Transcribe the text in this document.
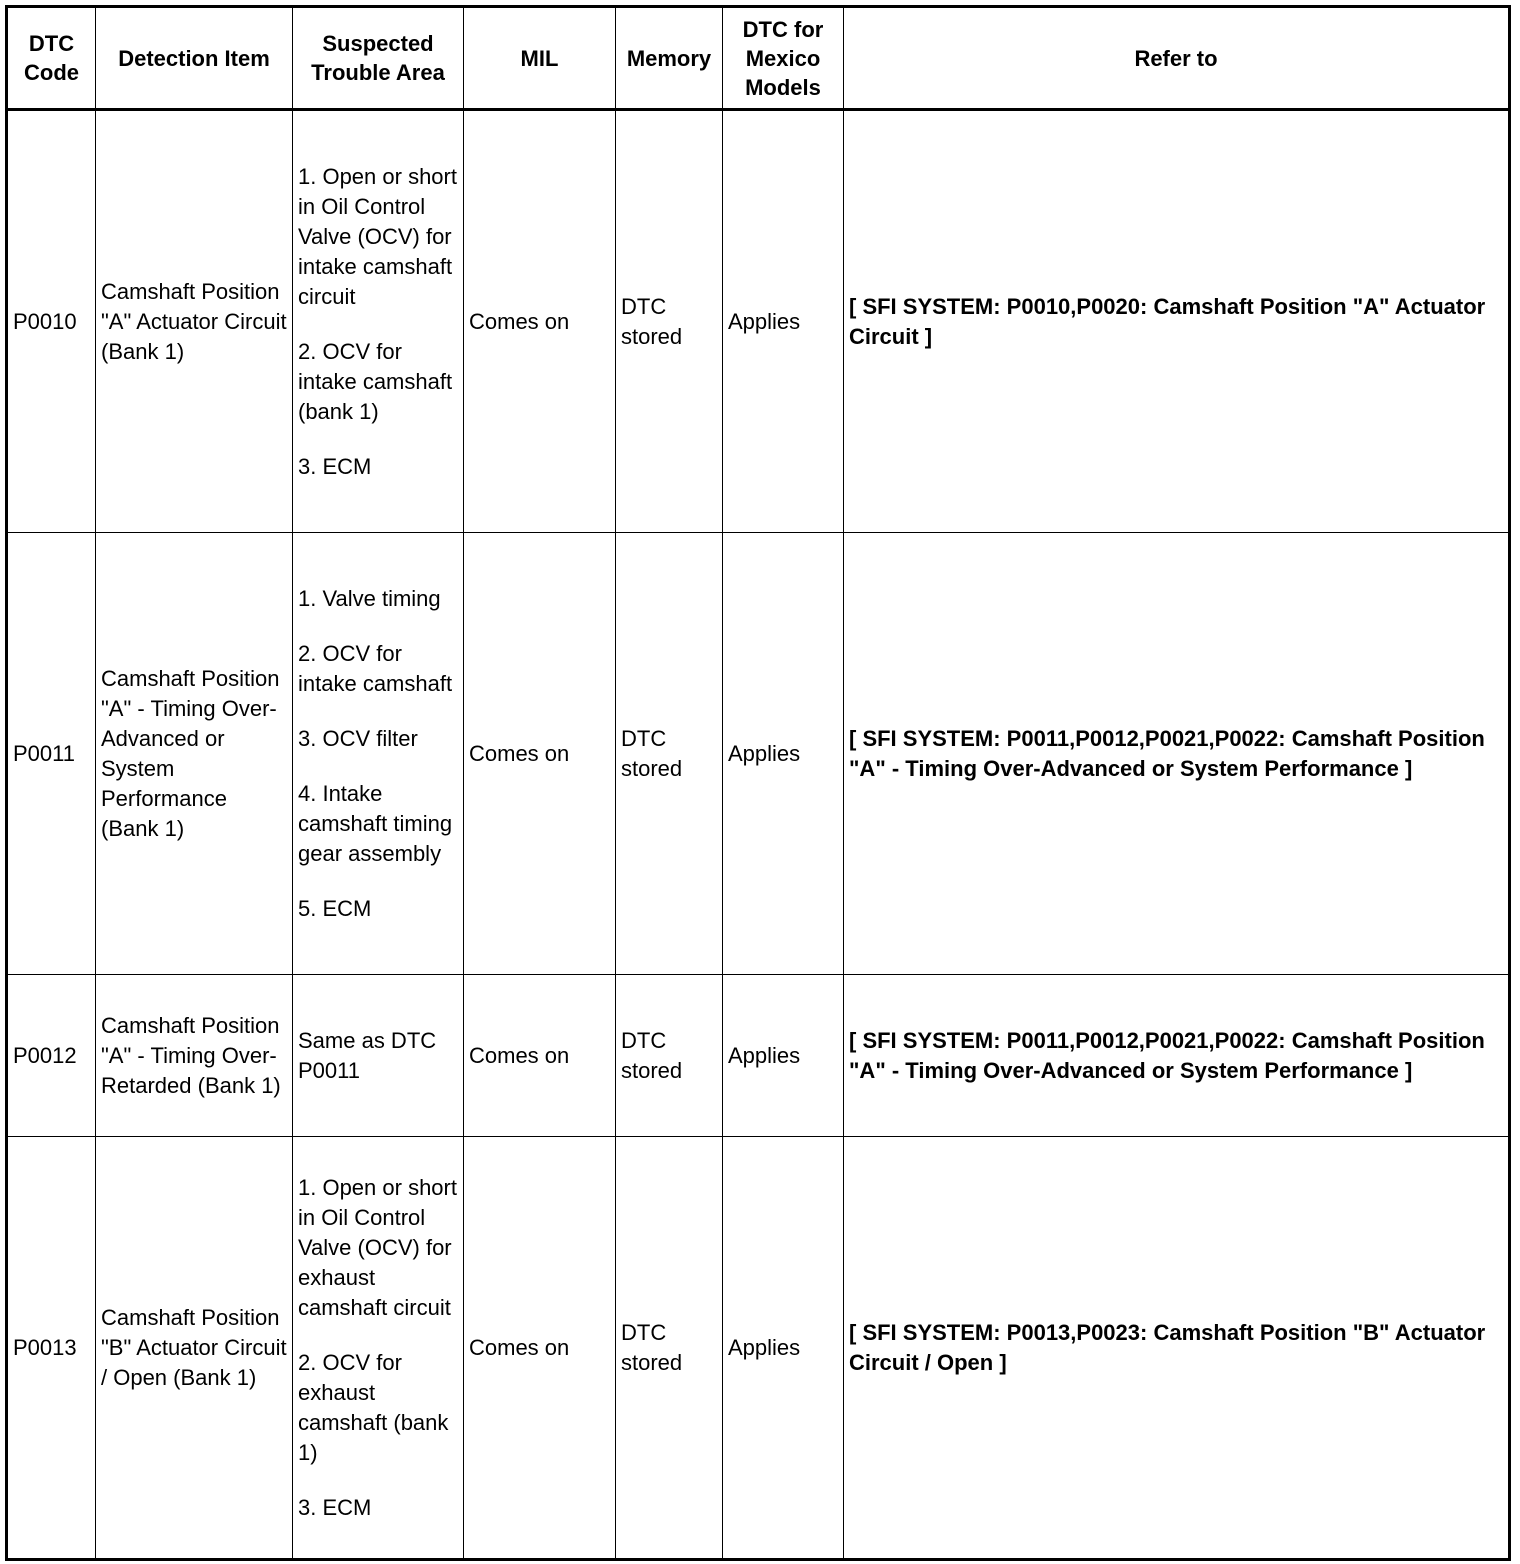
DTC Code	Detection Item	Suspected Trouble Area	MIL	Memory	DTC for Mexico Models	Refer to
P0010	Camshaft Position "A" Actuator Circuit (Bank 1)	1. Open or short in Oil Control Valve (OCV) for intake camshaft circuit
2. OCV for intake camshaft (bank 1)
3. ECM	Comes on	DTC stored	Applies	[ SFI SYSTEM: P0010,P0020: Camshaft Position "A" Actuator Circuit ]
P0011	Camshaft Position "A" - Timing Over-Advanced or System Performance (Bank 1)	1. Valve timing
2. OCV for intake camshaft
3. OCV filter
4. Intake camshaft timing gear assembly
5. ECM	Comes on	DTC stored	Applies	[ SFI SYSTEM: P0011,P0012,P0021,P0022: Camshaft Position "A" - Timing Over-Advanced or System Performance ]
P0012	Camshaft Position "A" - Timing Over-Retarded (Bank 1)	Same as DTC P0011	Comes on	DTC stored	Applies	[ SFI SYSTEM: P0011,P0012,P0021,P0022: Camshaft Position "A" - Timing Over-Advanced or System Performance ]
P0013	Camshaft Position "B" Actuator Circuit / Open (Bank 1)	1. Open or short in Oil Control Valve (OCV) for exhaust camshaft circuit
2. OCV for exhaust camshaft (bank 1)
3. ECM	Comes on	DTC stored	Applies	[ SFI SYSTEM: P0013,P0023: Camshaft Position "B" Actuator Circuit / Open ]
